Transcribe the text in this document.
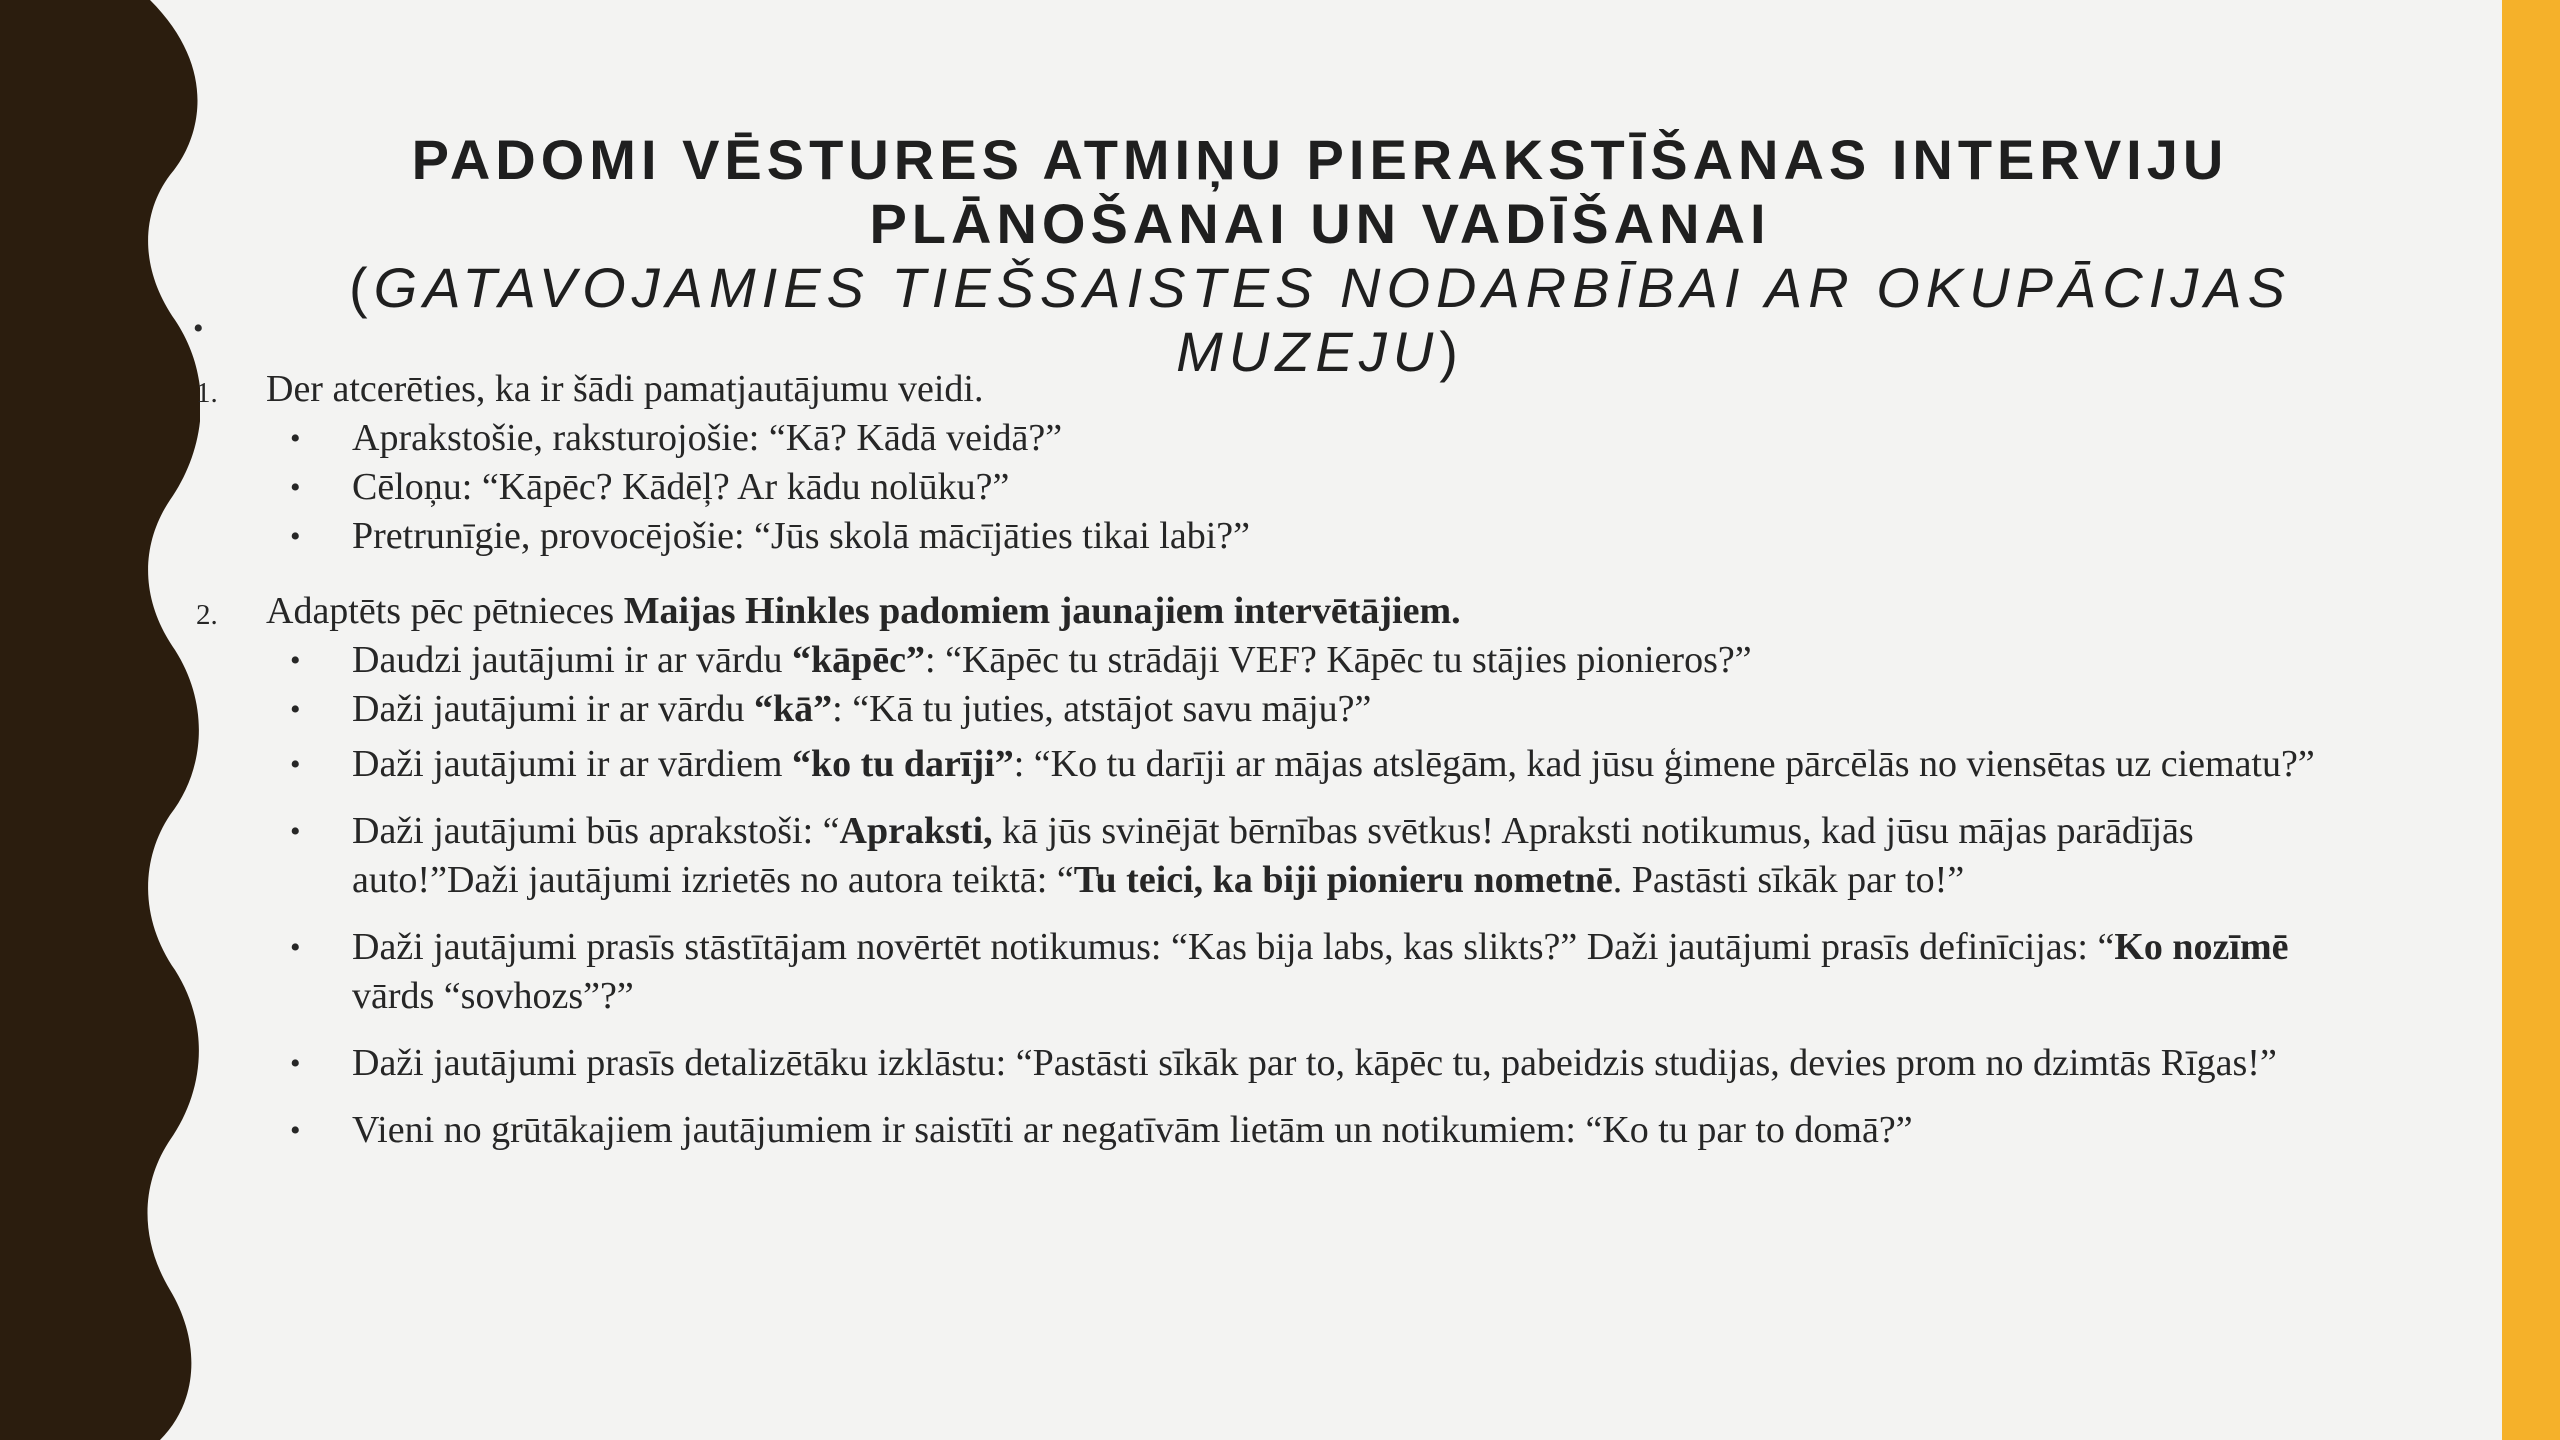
PADOMI VĒSTURES ATMIŅU PIERAKSTĪŠANAS INTERVIJU
PLĀNOŠANAI UN VADĪŠANAI
(GATAVOJAMIES TIEŠSAISTES NODARBĪBAI AR OKUPĀCIJAS
MUZEJU)
•
1. Der atcerēties, ka ir šādi pamatjautājumu veidi.
•	Aprakstošie, raksturojošie: “Kā? Kādā veidā?”
•	Cēloņu: “Kāpēc? Kādēļ? Ar kādu nolūku?”
•	Pretrunīgie, provocējošie: “Jūs skolā mācījāties tikai labi?”
2. Adaptēts pēc pētnieces Maijas Hinkles padomiem jaunajiem intervētājiem.
•	Daudzi jautājumi ir ar vārdu “kāpēc”: “Kāpēc tu strādāji VEF? Kāpēc tu stājies pionieros?”
•	Daži jautājumi ir ar vārdu “kā”: “Kā tu juties, atstājot savu māju?”
•	Daži jautājumi ir ar vārdiem “ko tu darīji”: “Ko tu darīji ar mājas atslēgām, kad jūsu ģimene pārcēlās no viensētas uz ciematu?”
•	Daži jautājumi būs aprakstoši: “Apraksti, kā jūs svinējāt bērnības svētkus! Apraksti notikumus, kad jūsu mājas parādījās auto!”Daži jautājumi izrietēs no autora teiktā: “Tu teici, ka biji pionieru nometnē. Pastāsti sīkāk par to!”
•	Daži jautājumi prasīs stāstītājam novērtēt notikumus: “Kas bija labs, kas slikts?” Daži jautājumi prasīs definīcijas: “Ko nozīmē vārds “sovhozs”?”
•	Daži jautājumi prasīs detalizētāku izklāstu: “Pastāsti sīkāk par to, kāpēc tu, pabeidzis studijas, devies prom no dzimtās Rīgas!”
•	Vieni no grūtākajiem jautājumiem ir saistīti ar negatīvām lietām un notikumiem: “Ko tu par to domā?”
